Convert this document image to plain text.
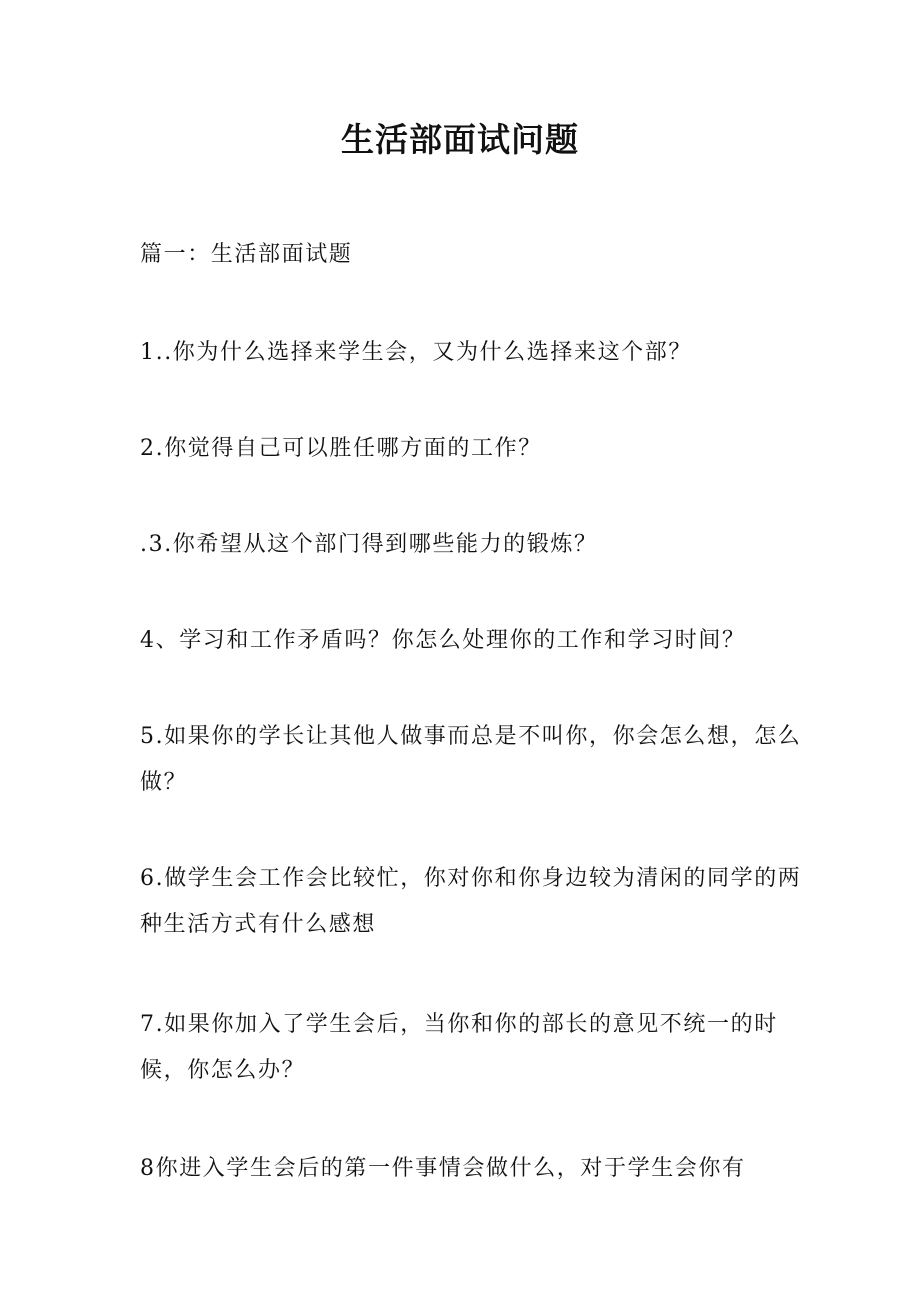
生活部面试问题

篇一：生活部面试题

1..你为什么选择来学生会，又为什么选择来这个部？

2.你觉得自己可以胜任哪方面的工作？

.3.你希望从这个部门得到哪些能力的锻炼？

4、学习和工作矛盾吗？你怎么处理你的工作和学习时间？

5.如果你的学长让其他人做事而总是不叫你，你会怎么想，怎么做？

6.做学生会工作会比较忙，你对你和你身边较为清闲的同学的两种生活方式有什么感想

7.如果你加入了学生会后，当你和你的部长的意见不统一的时候，你怎么办？

8你进入学生会后的第一件事情会做什么，对于学生会你有
